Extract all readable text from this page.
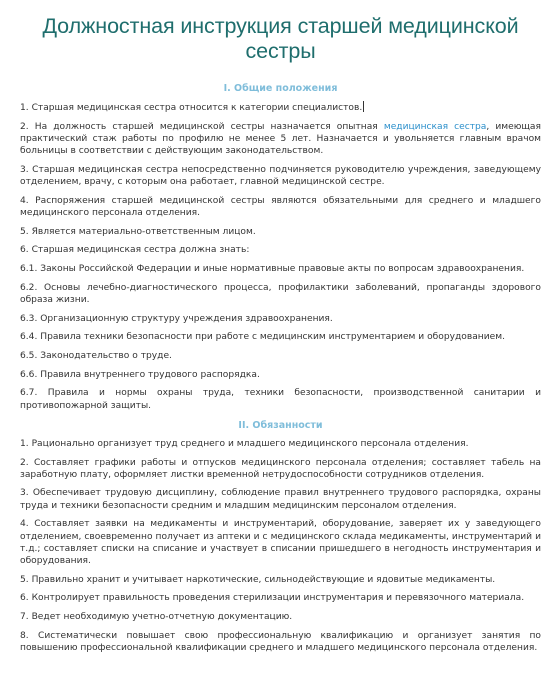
Должностная инструкция старшей медицинской сестры
I. Общие положения

1. Старшая медицинская сестра относится к категории специалистов.

2. На должность старшей медицинской сестры назначается опытная медицинская сестра, имеющая практический стаж работы по профилю не менее 5 лет. Назначается и увольняется главным врачом больницы в соответствии с действующим законодательством.

3. Старшая медицинская сестра непосредственно подчиняется руководителю учреждения, заведующему отделением, врачу, с которым она работает, главной медицинской сестре.

4. Распоряжения старшей медицинской сестры являются обязательными для среднего и младшего медицинского персонала отделения.

5. Является материально-ответственным лицом.

6. Старшая медицинская сестра должна знать:

6.1. Законы Российской Федерации и иные нормативные правовые акты по вопросам здравоохранения.

6.2. Основы лечебно-диагностического процесса, профилактики заболеваний, пропаганды здорового образа жизни.

6.3. Организационную структуру учреждения здравоохранения.

6.4. Правила техники безопасности при работе с медицинским инструментарием и оборудованием.

6.5. Законодательство о труде.

6.6. Правила внутреннего трудового распорядка.

6.7. Правила и нормы охраны труда, техники безопасности, производственной санитарии и противопожарной защиты.

II. Обязанности

1. Рационально организует труд среднего и младшего медицинского персонала отделения.

2. Составляет графики работы и отпусков медицинского персонала отделения; составляет табель на заработную плату, оформляет листки временной нетрудоспособности сотрудников отделения.

3. Обеспечивает трудовую дисциплину, соблюдение правил внутреннего трудового распорядка, охраны труда и техники безопасности средним и младшим медицинским персоналом отделения.

4. Составляет заявки на медикаменты и инструментарий, оборудование, заверяет их у заведующего отделением, своевременно получает из аптеки и с медицинского склада медикаменты, инструментарий и т.д.; составляет списки на списание и участвует в списании пришедшего в негодность инструментария и оборудования.

5. Правильно хранит и учитывает наркотические, сильнодействующие и ядовитые медикаменты.

6. Контролирует правильность проведения стерилизации инструментария и перевязочного материала.

7. Ведет необходимую учетно-отчетную документацию.

8. Систематически повышает свою профессиональную квалификацию и организует занятия по повышению профессиональной квалификации среднего и младшего медицинского персонала отделения.
